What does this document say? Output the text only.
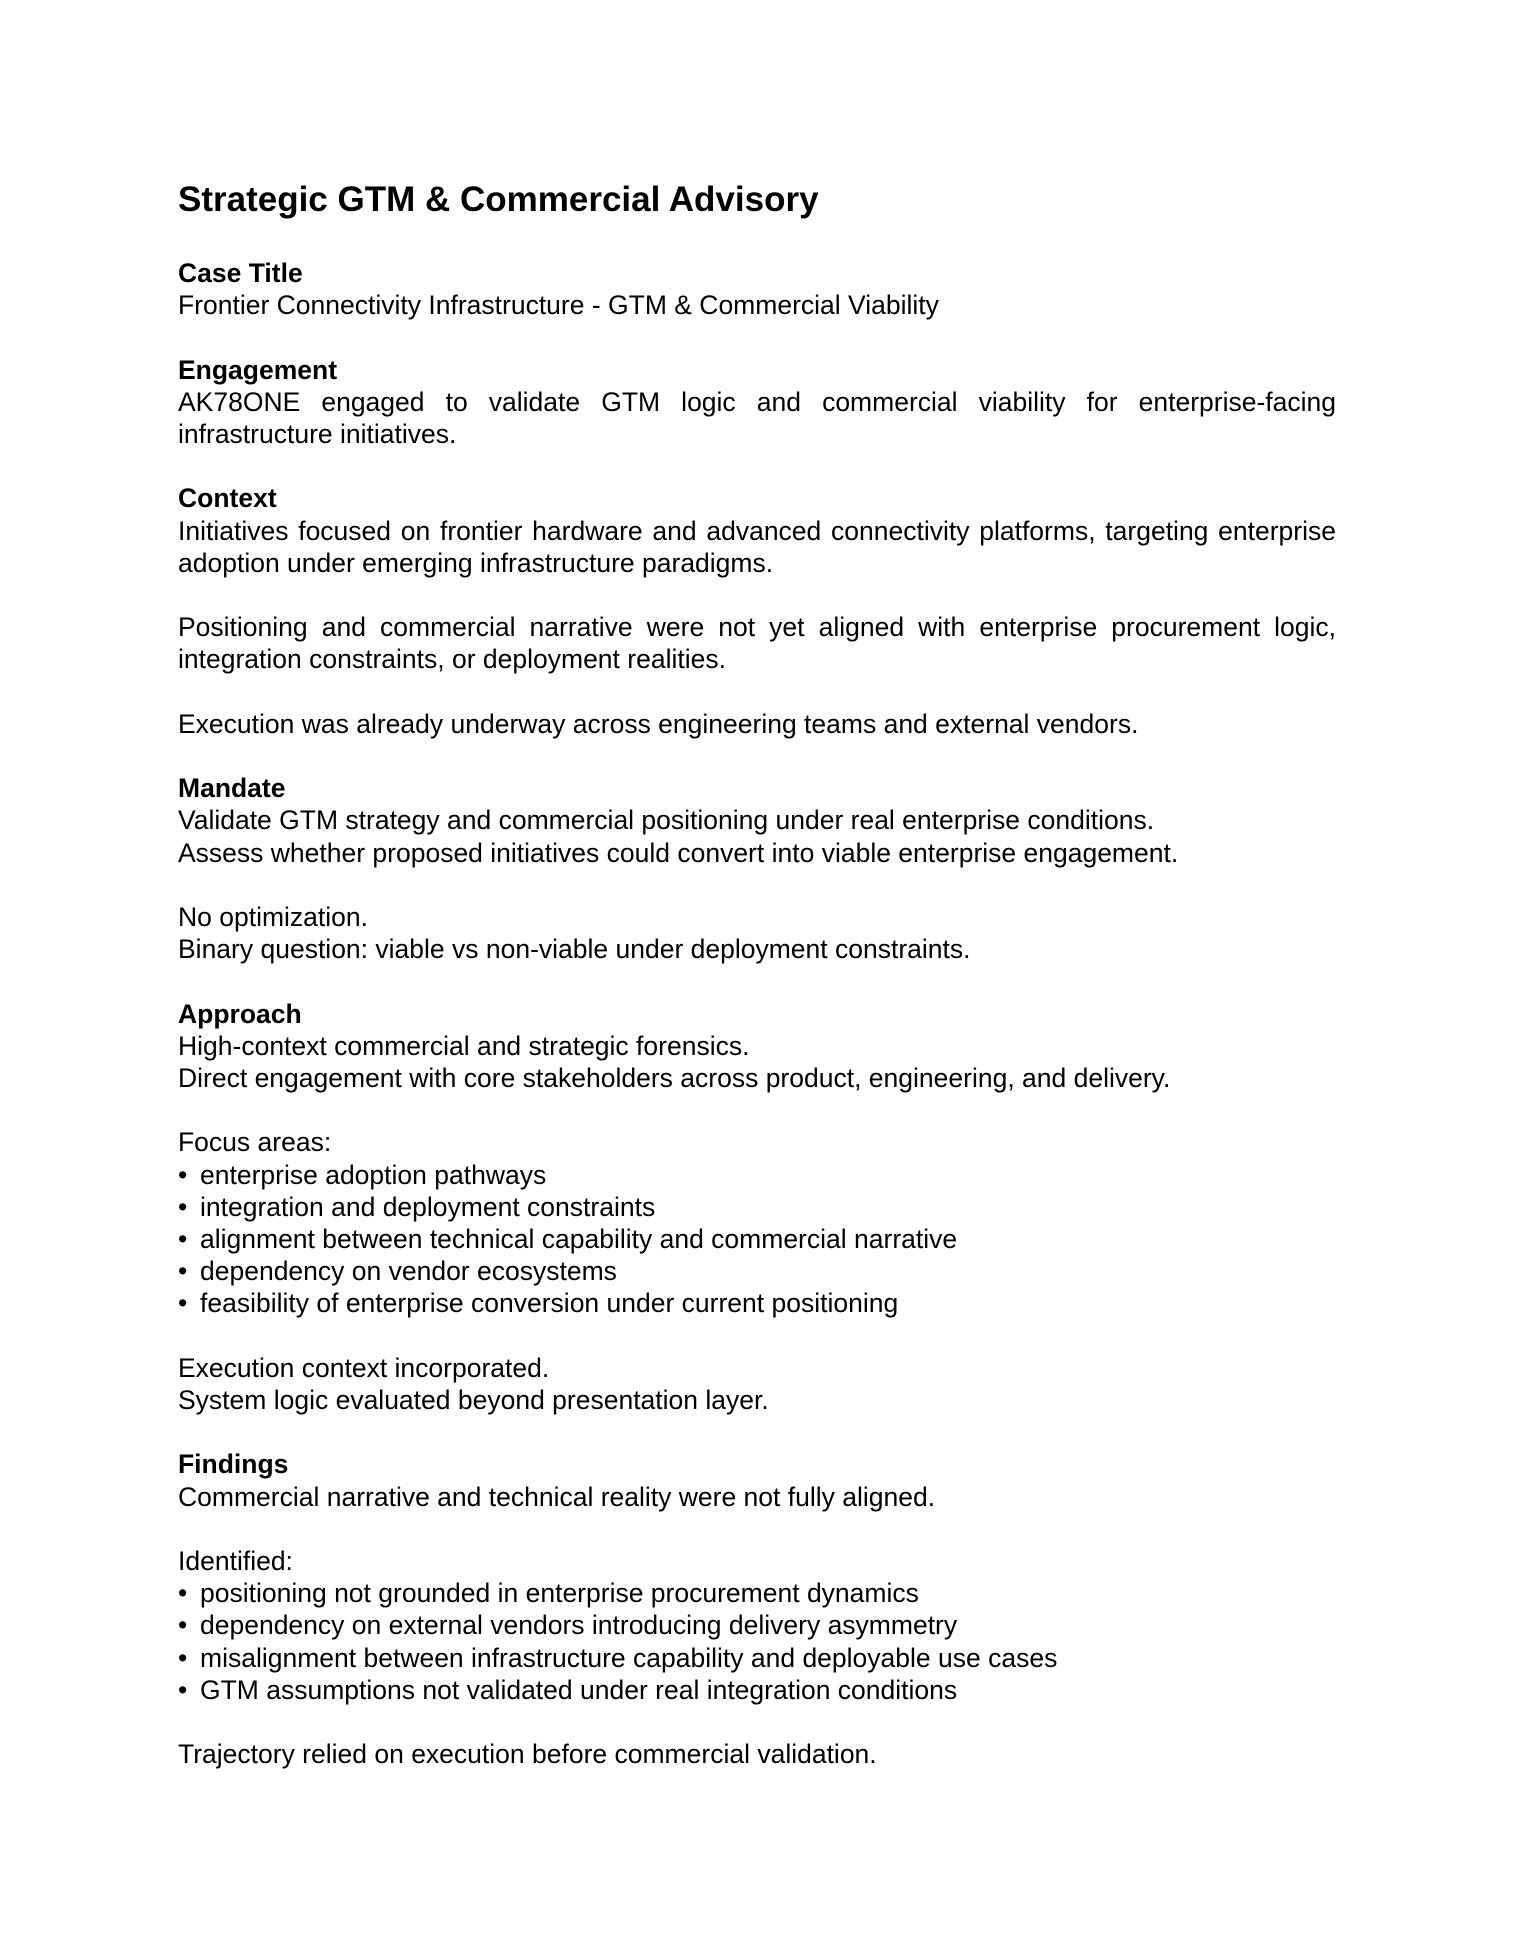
Strategic GTM & Commercial Advisory

Case Title

Frontier Connectivity Infrastructure - GTM & Commercial Viability

Engagement

AK78ONE engaged to validate GTM logic and commercial viability for enterprise-facing infrastructure initiatives.

Context

Initiatives focused on frontier hardware and advanced connectivity platforms, targeting enterprise adoption under emerging infrastructure paradigms.

Positioning and commercial narrative were not yet aligned with enterprise procurement logic, integration constraints, or deployment realities.

Execution was already underway across engineering teams and external vendors.

Mandate

Validate GTM strategy and commercial positioning under real enterprise conditions.
Assess whether proposed initiatives could convert into viable enterprise engagement.
No optimization.
Binary question: viable vs non-viable under deployment constraints.

Approach

High-context commercial and strategic forensics.
Direct engagement with core stakeholders across product, engineering, and delivery.
Focus areas:
• enterprise adoption pathways
• integration and deployment constraints
• alignment between technical capability and commercial narrative
• dependency on vendor ecosystems
• feasibility of enterprise conversion under current positioning
Execution context incorporated.
System logic evaluated beyond presentation layer.

Findings

Commercial narrative and technical reality were not fully aligned.
Identified:
• positioning not grounded in enterprise procurement dynamics
• dependency on external vendors introducing delivery asymmetry
• misalignment between infrastructure capability and deployable use cases
• GTM assumptions not validated under real integration conditions
Trajectory relied on execution before commercial validation.
